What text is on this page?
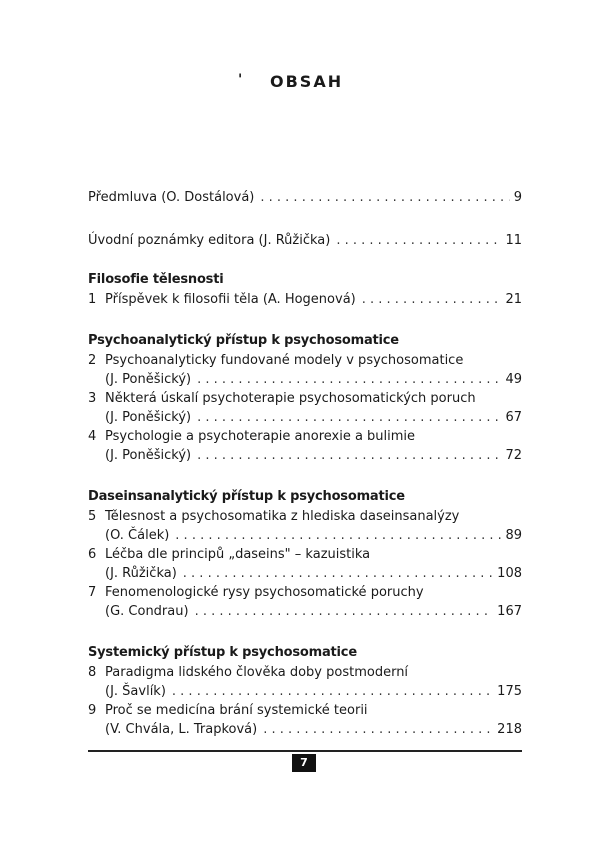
' OBSAH
Předmluva (O. Dostálová) . . .	9
Úvodní poznámky editora (J. Růžička) . . .	11
Filosofie tělesnosti
1 Příspěvek k filosofii těla (A. Hogenová) . . .	21
Psychoanalytický přístup k psychosomatice
2 Psychoanalyticky fundované modely v psychosomatice
(J. Poněšický) . . .	49
3 Některá úskalí psychoterapie psychosomatických poruch
(J. Poněšický) . . .	67
4 Psychologie a psychoterapie anorexie a bulimie
(J. Poněšický) . . .	72
Daseinsanalytický přístup k psychosomatice
5 Tělesnost a psychosomatika z hlediska daseinsanalýzy
(O. Čálek) . . .	89
6 Léčba dle principů „daseins" – kazuistika
(J. Růžička) . . .	108
7 Fenomenologické rysy psychosomatické poruchy
(G. Condrau) . . .	167
Systemický přístup k psychosomatice
8 Paradigma lidského člověka doby postmoderní
(J. Šavlík) . . .	175
9 Proč se medicína brání systemické teorii
(V. Chvála, L. Trapková) . . .	218
7
